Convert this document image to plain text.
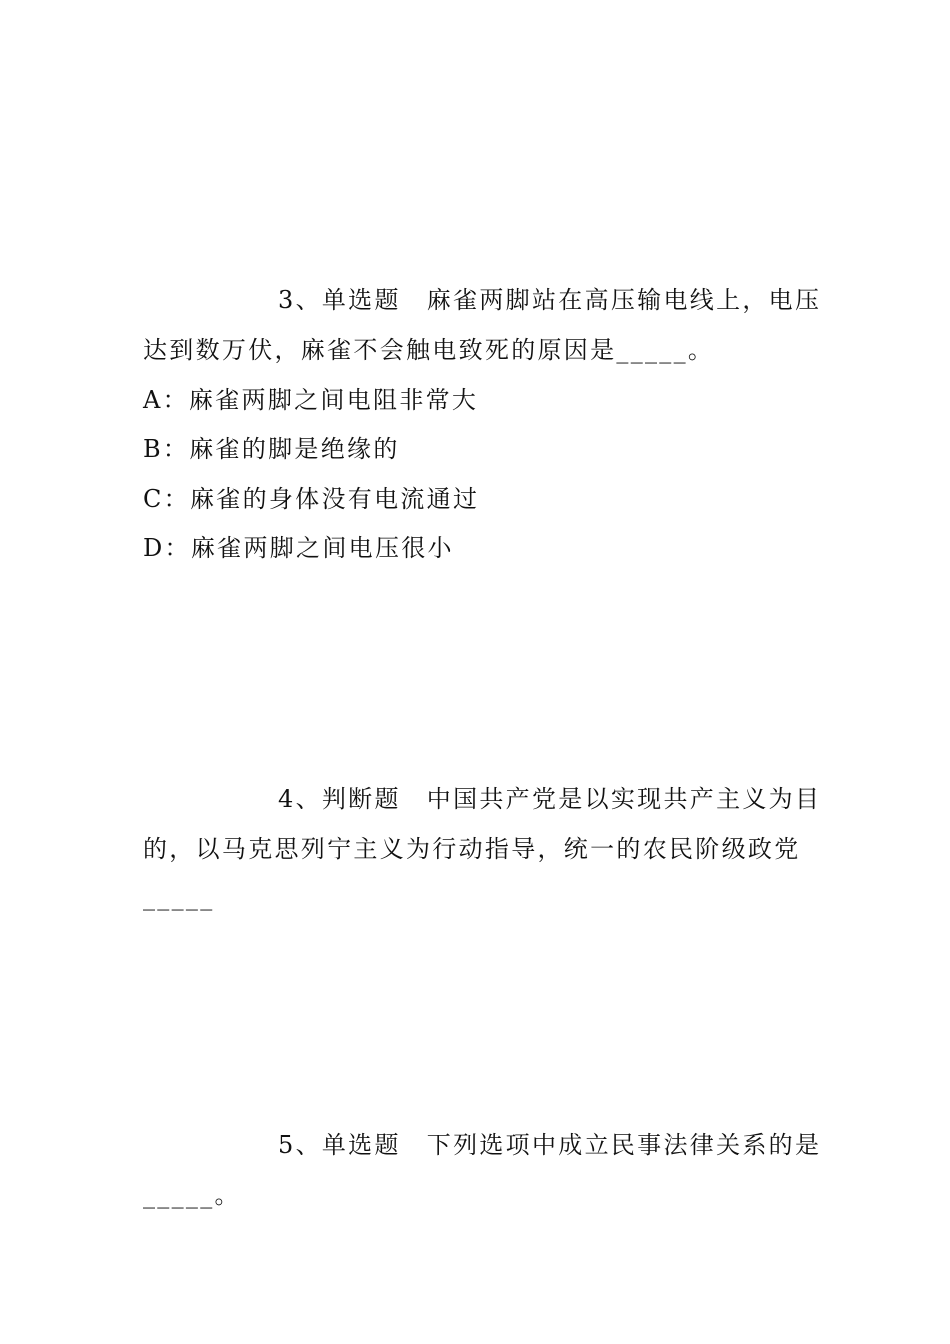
3、单选题 麻雀两脚站在高压输电线上，电压
达到数万伏，麻雀不会触电致死的原因是_____。
A：麻雀两脚之间电阻非常大
B：麻雀的脚是绝缘的
C：麻雀的身体没有电流通过
D：麻雀两脚之间电压很小
4、判断题 中国共产党是以实现共产主义为目
的，以马克思列宁主义为行动指导，统一的农民阶级政党
_____
5、单选题 下列选项中成立民事法律关系的是
_____。
